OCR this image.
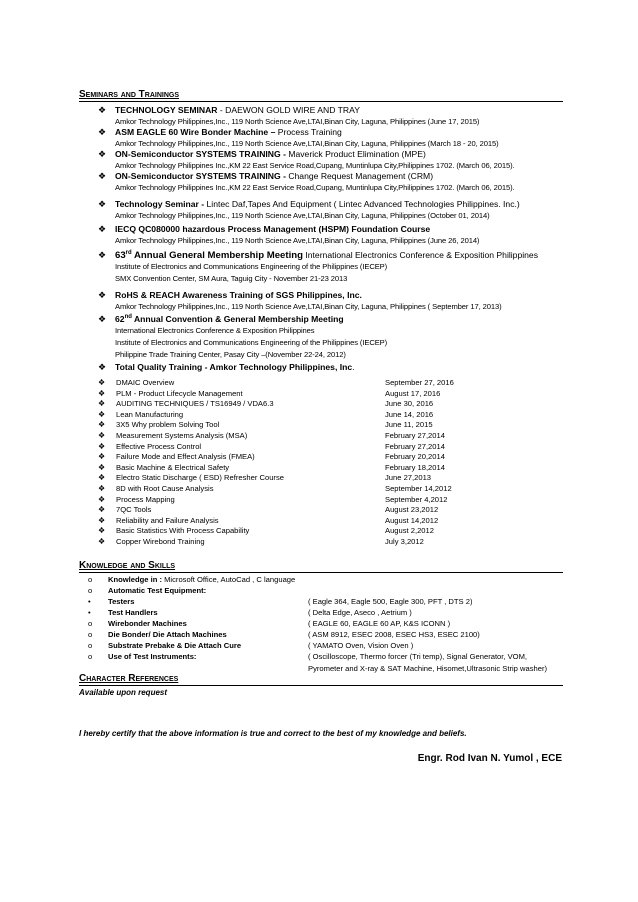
Seminars and Trainings
❖ TECHNOLOGY SEMINAR - DAEWON GOLD WIRE AND TRAY
Amkor Technology Philippines,Inc., 119 North Science Ave,LTAI,Binan City, Laguna, Philippines (June 17, 2015)
❖ ASM EAGLE 60 Wire Bonder Machine – Process Training
Amkor Technology Philippines,Inc., 119 North Science Ave,LTAI,Binan City, Laguna, Philippines (March 18 - 20, 2015)
❖ ON-Semiconductor SYSTEMS TRAINING - Maverick Product Elimination (MPE)
Amkor Technology Philippines Inc.,KM 22 East Service Road,Cupang, Muntinlupa City,Philippines 1702. (March 06, 2015).
❖ ON-Semiconductor SYSTEMS TRAINING - Change Request Management (CRM)
Amkor Technology Philippines Inc.,KM 22 East Service Road,Cupang, Muntinlupa City,Philippines 1702. (March 06, 2015).
❖ Technology Seminar - Lintec Daf,Tapes And Equipment ( Lintec Advanced Technologies Philippines. Inc.)
Amkor Technology Philippines,Inc., 119 North Science Ave,LTAI,Binan City, Laguna, Philippines (October 01, 2014)
❖ IECQ QC080000 hazardous Process Management (HSPM) Foundation Course
Amkor Technology Philippines,Inc., 119 North Science Ave,LTAI,Binan City, Laguna, Philippines (June 26, 2014)
❖ 63rd Annual General Membership Meeting International Electronics Conference & Exposition Philippines
Institute of Electronics and Communications Engineering of the Philippines (IECEP)
SMX Convention Center, SM Aura, Taguig City - November 21-23 2013
❖ RoHS & REACH Awareness Training of SGS Philippines, Inc.
Amkor Technology Philippines,Inc., 119 North Science Ave,LTAI,Binan City, Laguna, Philippines ( September 17, 2013)
❖ 62nd Annual Convention & General Membership Meeting
International Electronics Conference & Exposition Philippines
Institute of Electronics and Communications Engineering of the Philippines (IECEP)
Philippine Trade Training Center, Pasay City –(November 22-24, 2012)
❖ Total Quality Training - Amkor Technology Philippines, Inc.
❖ DMAIC Overview	September 27, 2016
❖ PLM - Product Lifecycle Management	August 17, 2016
❖ AUDITING TECHNIQUES / TS16949 / VDA6.3	June 30, 2016
❖ Lean Manufacturing	June 14, 2016
❖ 3X5 Why problem Solving Tool	June 11, 2015
❖ Measurement Systems Analysis (MSA)	February 27,2014
❖ Effective Process Control	February 27,2014
❖ Failure Mode and Effect Analysis (FMEA)	February 20,2014
❖ Basic Machine & Electrical Safety	February 18,2014
❖ Electro Static Discharge ( ESD) Refresher Course	June 27,2013
❖ 8D with Root Cause Analysis	September 14,2012
❖ Process Mapping	September 4,2012
❖ 7QC Tools	August 23,2012
❖ Reliability and Failure Analysis	August 14,2012
❖ Basic Statistics With Process Capability	August 2,2012
❖ Copper Wirebond Training	July 3,2012
Knowledge and Skills
o Knowledge in : Microsoft Office, AutoCad , C language
o Automatic Test Equipment:
• Testers	( Eagle 364, Eagle 500, Eagle 300, PFT , DTS 2)
• Test Handlers	( Delta Edge, Aseco , Aetrium )
o Wirebonder Machines	( EAGLE 60, EAGLE 60 AP, K&S ICONN )
o Die Bonder/ Die Attach Machines	( ASM 8912, ESEC 2008, ESEC HS3, ESEC 2100)
o Substrate Prebake & Die Attach Cure	( YAMATO Oven, Vision Oven )
o Use of Test Instruments:	( Oscilloscope, Thermo forcer (Tri temp), Signal Generator, VOM,
Pyrometer and X-ray & SAT Machine, Hisomet,Ultrasonic Strip washer)
Character References
Available upon request
I hereby certify that the above information is true and correct to the best of my knowledge and beliefs.
Engr. Rod Ivan N. Yumol , ECE
